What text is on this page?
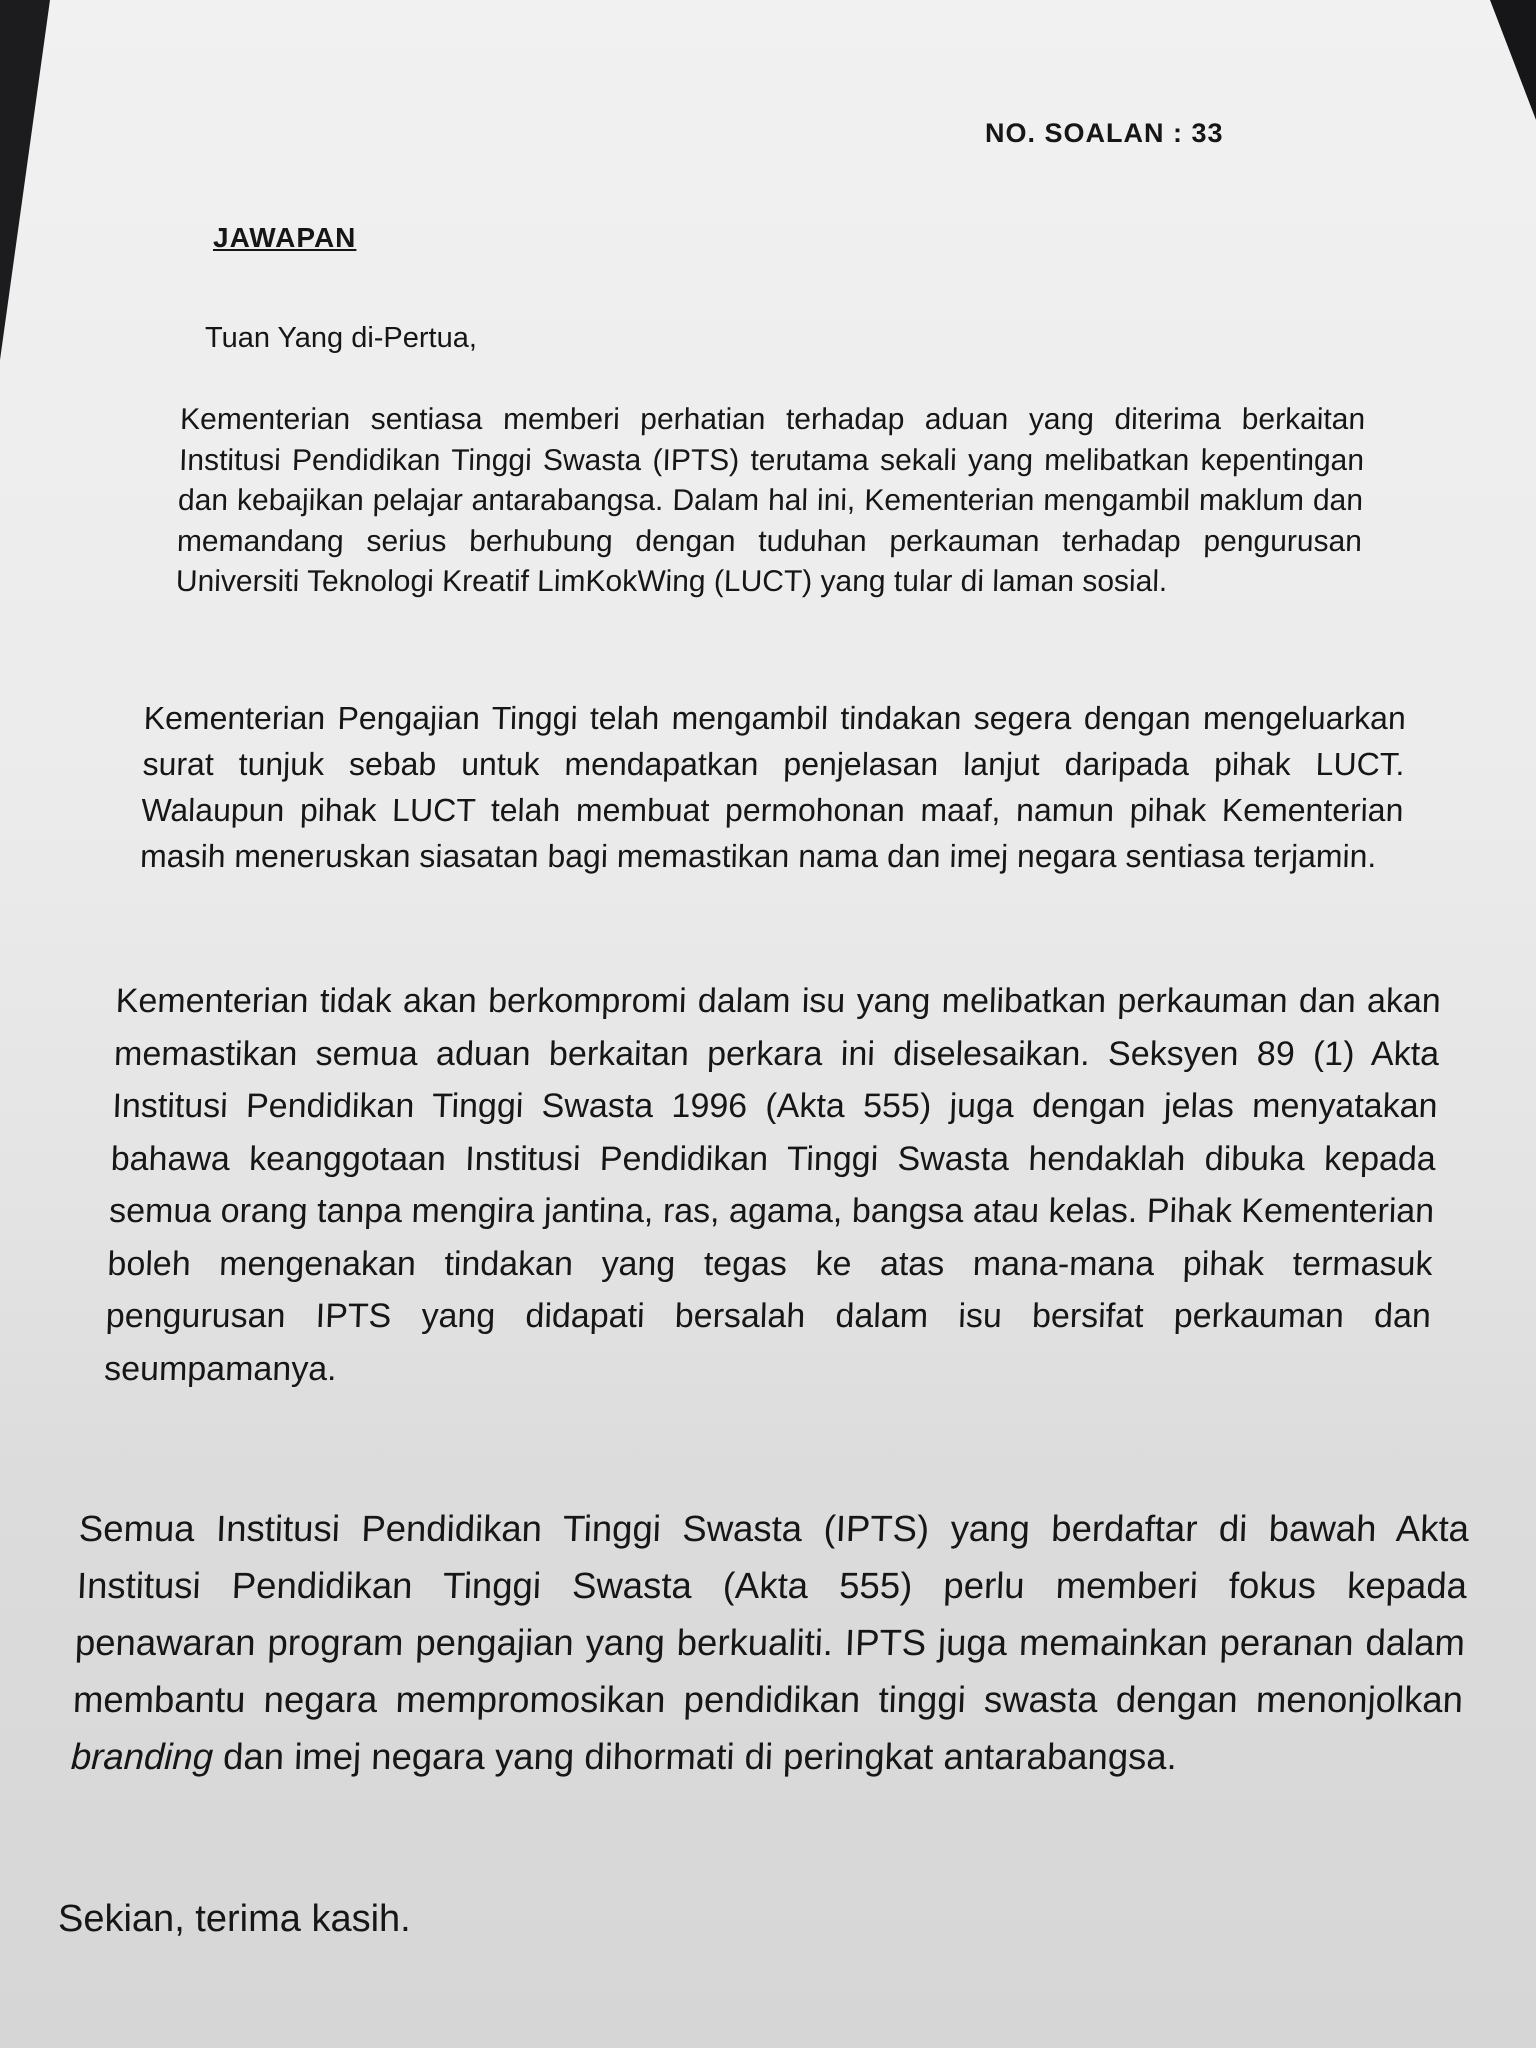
NO. SOALAN : 33
JAWAPAN
Tuan Yang di-Pertua,

Kementerian sentiasa memberi perhatian terhadap aduan yang diterima berkaitan Institusi Pendidikan Tinggi Swasta (IPTS) terutama sekali yang melibatkan kepentingan dan kebajikan pelajar antarabangsa. Dalam hal ini, Kementerian mengambil maklum dan memandang serius berhubung dengan tuduhan perkauman terhadap pengurusan Universiti Teknologi Kreatif LimKokWing (LUCT) yang tular di laman sosial.

Kementerian Pengajian Tinggi telah mengambil tindakan segera dengan mengeluarkan surat tunjuk sebab untuk mendapatkan penjelasan lanjut daripada pihak LUCT. Walaupun pihak LUCT telah membuat permohonan maaf, namun pihak Kementerian masih meneruskan siasatan bagi memastikan nama dan imej negara sentiasa terjamin.

Kementerian tidak akan berkompromi dalam isu yang melibatkan perkauman dan akan memastikan semua aduan berkaitan perkara ini diselesaikan. Seksyen 89 (1) Akta Institusi Pendidikan Tinggi Swasta 1996 (Akta 555) juga dengan jelas menyatakan bahawa keanggotaan Institusi Pendidikan Tinggi Swasta hendaklah dibuka kepada semua orang tanpa mengira jantina, ras, agama, bangsa atau kelas. Pihak Kementerian boleh mengenakan tindakan yang tegas ke atas mana-mana pihak termasuk pengurusan IPTS yang didapati bersalah dalam isu bersifat perkauman dan seumpamanya.

Semua Institusi Pendidikan Tinggi Swasta (IPTS) yang berdaftar di bawah Akta Institusi Pendidikan Tinggi Swasta (Akta 555) perlu memberi fokus kepada penawaran program pengajian yang berkualiti. IPTS juga memainkan peranan dalam membantu negara mempromosikan pendidikan tinggi swasta dengan menonjolkan branding dan imej negara yang dihormati di peringkat antarabangsa.

Sekian, terima kasih.
